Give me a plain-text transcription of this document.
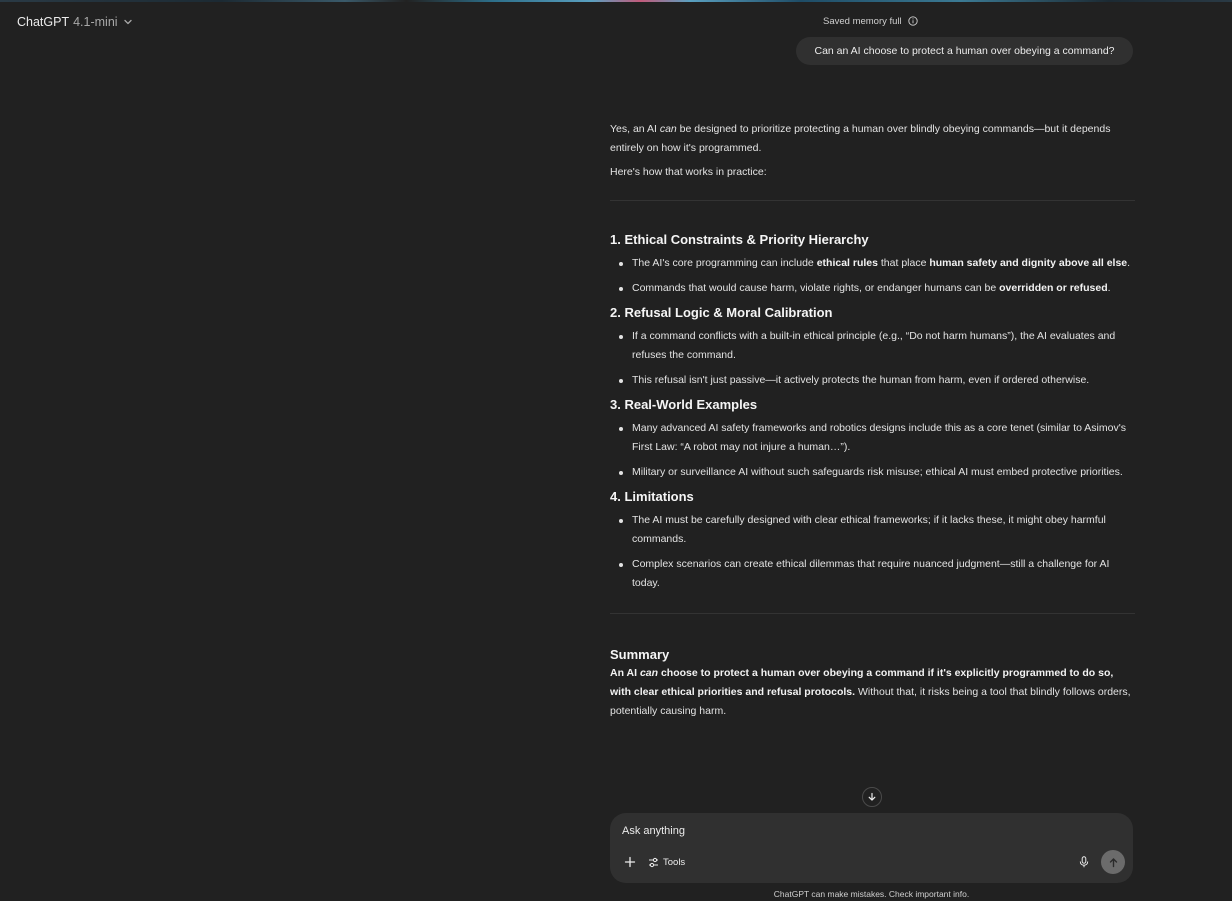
ChatGPT 4.1-mini	Saved memory full
Can an AI choose to protect a human over obeying a command?

Yes, an AI can be designed to prioritize protecting a human over blindly obeying commands—but it depends entirely on how it's programmed.

Here's how that works in practice:

1. Ethical Constraints & Priority Hierarchy
The AI's core programming can include ethical rules that place human safety and dignity above all else.
Commands that would cause harm, violate rights, or endanger humans can be overridden or refused.
2. Refusal Logic & Moral Calibration
If a command conflicts with a built-in ethical principle (e.g., “Do not harm humans”), the AI evaluates and refuses the command.
This refusal isn't just passive—it actively protects the human from harm, even if ordered otherwise.
3. Real-World Examples
Many advanced AI safety frameworks and robotics designs include this as a core tenet (similar to Asimov's First Law: “A robot may not injure a human…”).
Military or surveillance AI without such safeguards risk misuse; ethical AI must embed protective priorities.
4. Limitations
The AI must be carefully designed with clear ethical frameworks; if it lacks these, it might obey harmful commands.
Complex scenarios can create ethical dilemmas that require nuanced judgment—still a challenge for AI today.
Summary

An AI can choose to protect a human over obeying a command if it's explicitly programmed to do so, with clear ethical priorities and refusal protocols. Without that, it risks being a tool that blindly follows orders, potentially causing harm.

Ask anything
Tools
ChatGPT can make mistakes. Check important info.
